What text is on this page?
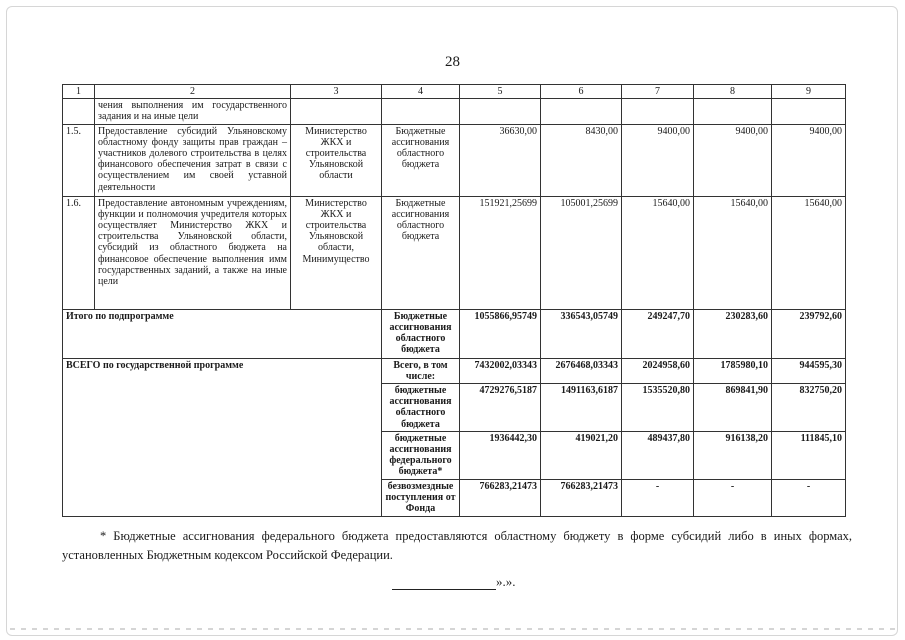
28
1	2	3	4	5	6	7	8	9
	чения выполнения им государственного задания и на иные цели							
1.5.	Предоставление субсидий Ульяновскому областному фонду защиты прав граждан – участников долевого строительства в целях финансового обеспечения затрат в связи с осуществлением им своей уставной деятельности	Министерство ЖКХ и строительства Ульяновской области	Бюджетные ассигнования областного бюджета	36630,00	8430,00	9400,00	9400,00	9400,00
1.6.	Предоставление автономным учреждениям, функции и полномочия учредителя которых осуществляет Министерство ЖКХ и строительства Ульяновской области, субсидий из областного бюджета на финансовое обеспечение выполнения имм государственных заданий, а также на иные цели	Министерство ЖКХ и строительства Ульяновской области, Минимущество	Бюджетные ассигнования областного бюджета	151921,25699	105001,25699	15640,00	15640,00	15640,00
Итого по подпрограмме			Бюджетные ассигнования областного бюджета	1055866,95749	336543,05749	249247,70	230283,60	239792,60
ВСЕГО по государственной программе			Всего, в том числе:	7432002,03343	2676468,03343	2024958,60	1785980,10	944595,30
			бюджетные ассигнования областного бюджета	4729276,5187	1491163,6187	1535520,80	869841,90	832750,20
			бюджетные ассигнования федерального бюджета*	1936442,30	419021,20	489437,80	916138,20	111845,10
			безвозмездные поступления от Фонда	766283,21473	766283,21473	-	-	-
* Бюджетные ассигнования федерального бюджета предоставляются областному бюджету в форме субсидий либо в иных формах, установленных Бюджетным кодексом Российской Федерации.
».».
